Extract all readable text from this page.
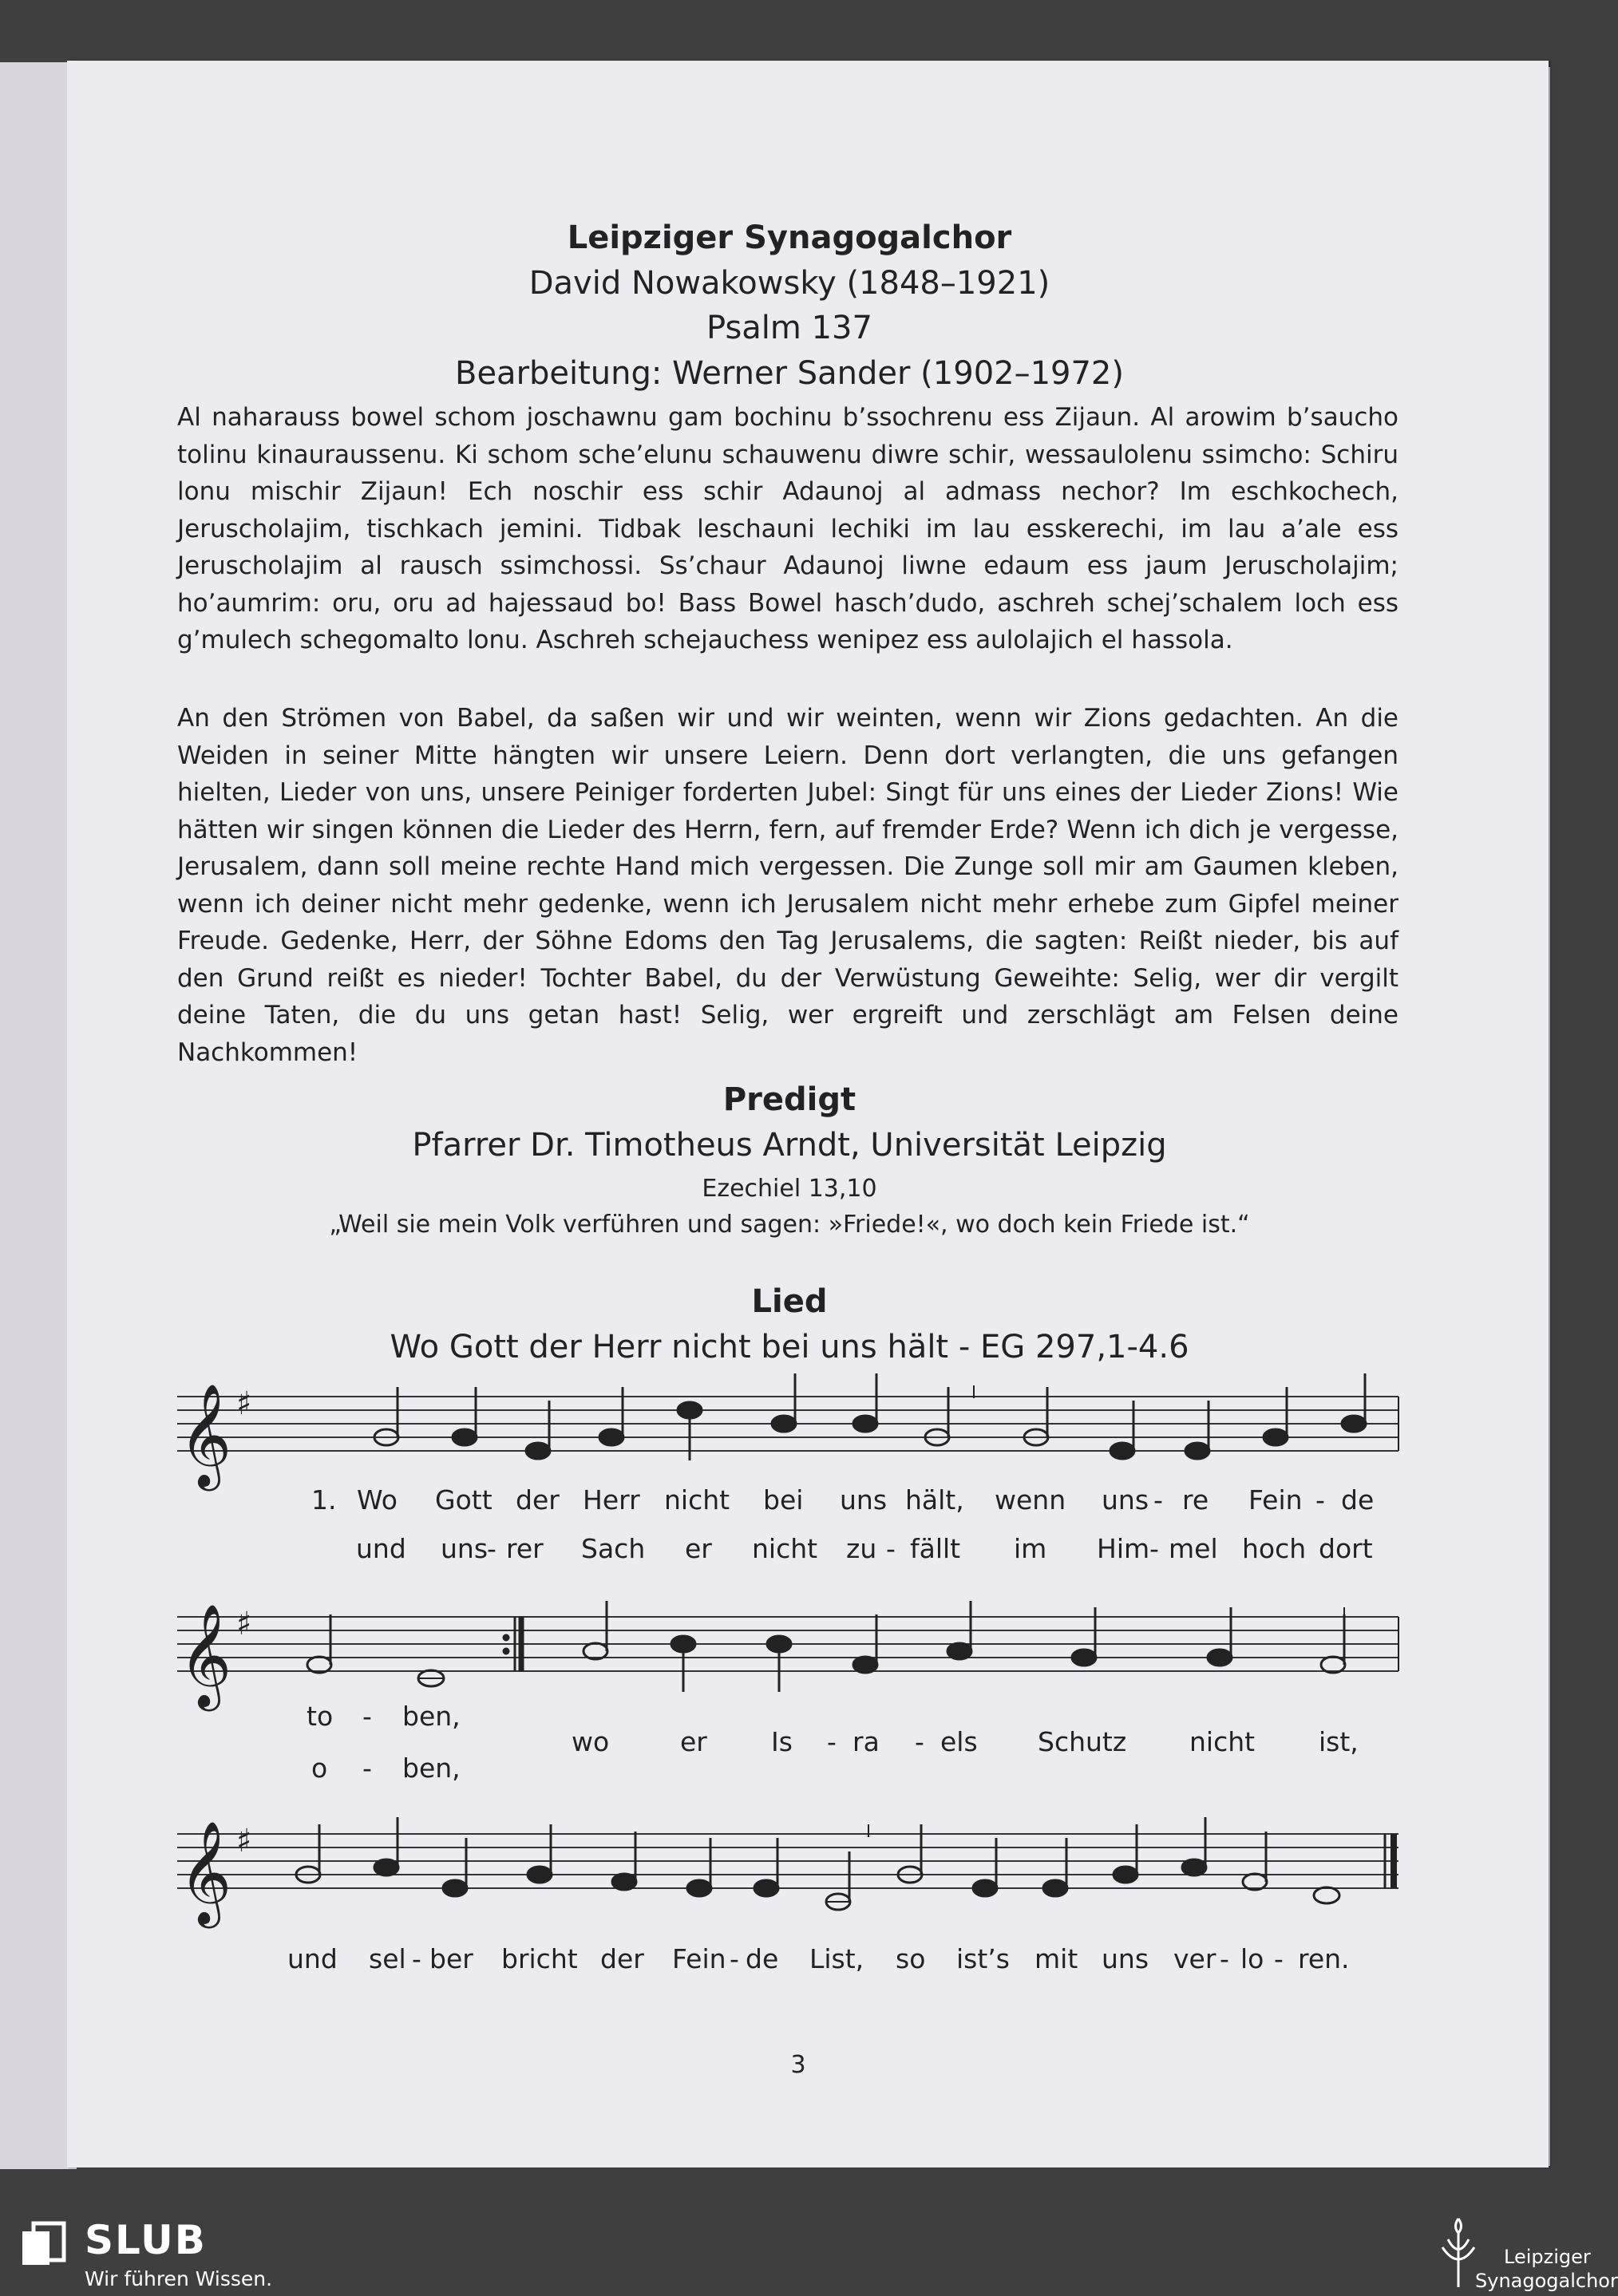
Leipziger Synagogalchor
David Nowakowsky (1848–1921)
Psalm 137
Bearbeitung: Werner Sander (1902–1972)
Al naharauss bowel schom joschawnu gam bochinu b’ssochrenu ess Zijaun. Al arowim b’saucho tolinu kinauraussenu. Ki schom sche’elunu schauwenu diwre schir, wessaulolenu ssimcho: Schiru lonu mischir Zijaun! Ech noschir ess schir Adaunoj al admass nechor? Im eschkochech, Jeruscholajim, tischkach jemini. Tidbak leschauni lechiki im lau esskerechi, im lau a’ale ess Jeruscholajim al rausch ssimchossi. Ss’chaur Adaunoj liwne edaum ess jaum Jeruscholajim; ho’aumrim: oru, oru ad hajessaud bo! Bass Bowel hasch’dudo, aschreh schej’schalem loch ess g’mulech schegomalto lonu. Aschreh schejauchess wenipez ess aulolajich el hassola.
An den Strömen von Babel, da saßen wir und wir weinten, wenn wir Zions gedachten. An die Weiden in seiner Mitte hängten wir unsere Leiern. Denn dort verlangten, die uns gefangen hielten, Lieder von uns, unsere Peiniger forderten Jubel: Singt für uns eines der Lieder Zions! Wie hätten wir singen können die Lieder des Herrn, fern, auf fremder Erde? Wenn ich dich je vergesse, Jerusalem, dann soll meine rechte Hand mich vergessen. Die Zunge soll mir am Gaumen kleben, wenn ich deiner nicht mehr gedenke, wenn ich Jerusalem nicht mehr erhebe zum Gipfel meiner Freude. Gedenke, Herr, der Söhne Edoms den Tag Jerusalems, die sagten: Reißt nieder, bis auf den Grund reißt es nieder! Tochter Babel, du der Verwüstung Geweihte: Selig, wer dir vergilt deine Taten, die du uns getan hast! Selig, wer ergreift und zerschlägt am Felsen deine Nachkommen!
Predigt
Pfarrer Dr. Timotheus Arndt, Universität Leipzig
Ezechiel 13,10
„Weil sie mein Volk verführen und sagen: »Friede!«, wo doch kein Friede ist.“
Lied
Wo Gott der Herr nicht bei uns hält - EG 297,1-4.6
𝄞 ♯
𝄞 ♯
𝄞 ♯
1. Wo Gott der Herr nicht bei uns hält, wenn uns - re Fein - de
und uns
- rer Sach er nicht zu - fällt im Him - mel hoch dort
to - ben,
o - ben,
wo	er Is - ra - els Schutz nicht ist,
und sel - ber bricht der Fein - de List, so ist’s mit uns ver - lo - ren.
3
SLUB
Wir führen Wissen.
Leipziger
Synagogalchor
